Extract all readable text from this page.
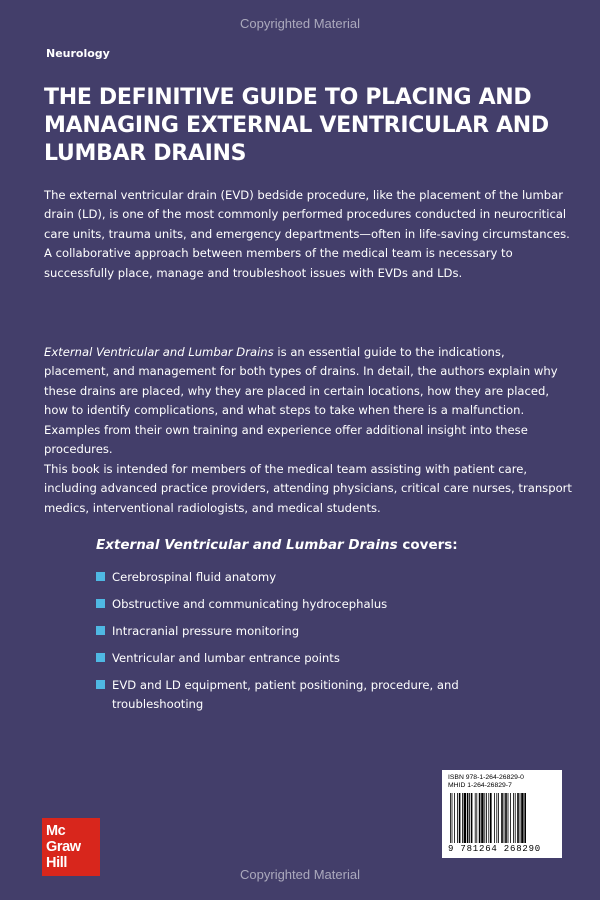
Copyrighted Material
Neurology
THE DEFINITIVE GUIDE TO PLACING AND MANAGING EXTERNAL VENTRICULAR AND LUMBAR DRAINS

The external ventricular drain (EVD) bedside procedure, like the placement of the lumbar drain (LD), is one of the most commonly performed procedures conducted in neurocritical care units, trauma units, and emergency departments—often in life-saving circumstances. A collaborative approach between members of the medical team is necessary to successfully place, manage and troubleshoot issues with EVDs and LDs.

External Ventricular and Lumbar Drains is an essential guide to the indications, placement, and management for both types of drains. In detail, the authors explain why these drains are placed, why they are placed in certain locations, how they are placed, how to identify complications, and what steps to take when there is a malfunction. Examples from their own training and experience offer additional insight into these procedures.

This book is intended for members of the medical team assisting with patient care, including advanced practice providers, attending physicians, critical care nurses, transport medics, interventional radiologists, and medical students.

External Ventricular and Lumbar Drains covers:
Cerebrospinal fluid anatomy
Obstructive and communicating hydrocephalus
Intracranial pressure monitoring
Ventricular and lumbar entrance points
EVD and LD equipment, patient positioning, procedure, and troubleshooting
Mc
Graw
Hill
ISBN 978-1-264-26829-0
MHID 1-264-26829-7
9 781264 268290
Copyrighted Material
